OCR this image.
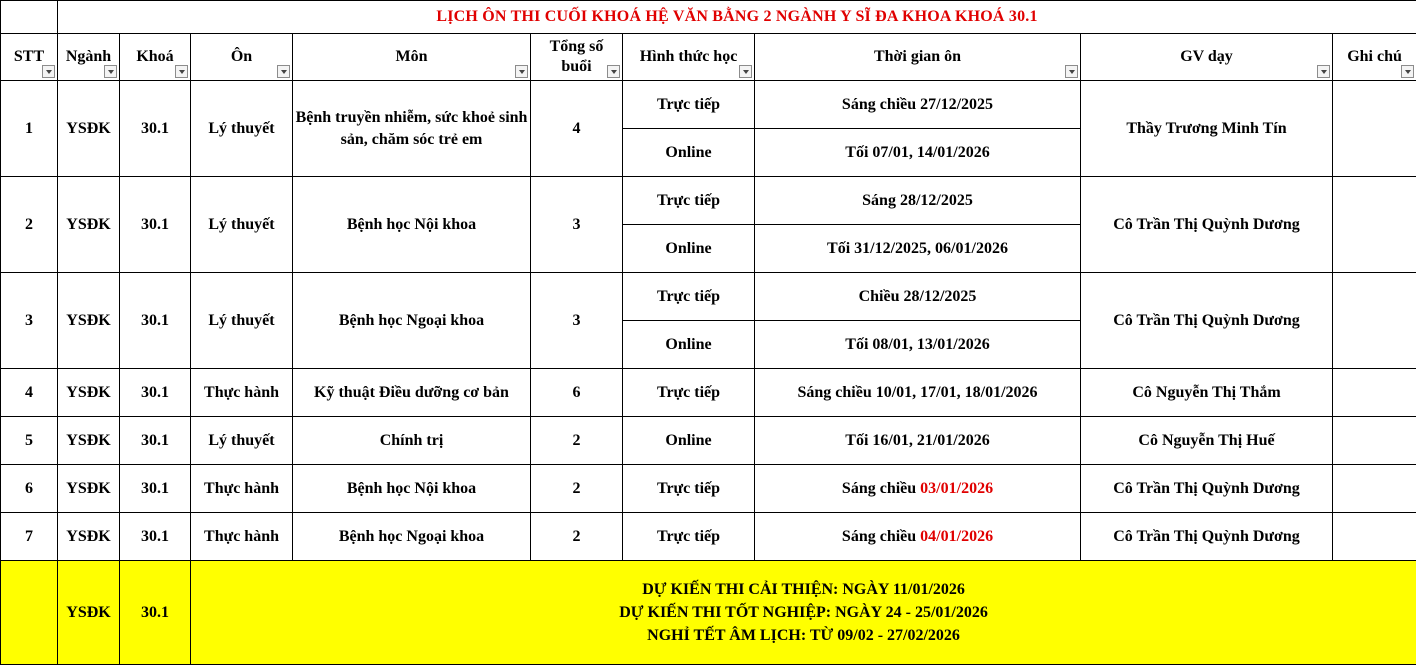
	LỊCH ÔN THI CUỐI KHOÁ HỆ VĂN BẰNG 2 NGÀNH Y SĨ ĐA KHOA KHOÁ 30.1								
STT	Ngành	Khoá	Ôn	Môn	Tổng số buổi	Hình thức học	Thời gian ôn	GV dạy	Ghi chú

1	YSĐK	30.1	Lý thuyết	Bệnh truyền nhiễm, sức khoẻ sinh sản, chăm sóc trẻ em	4	Trực tiếp	Sáng chiều 27/12/2025	Thầy Trương Minh Tín	
						Online	Tối 07/01, 14/01/2026		
2	YSĐK	30.1	Lý thuyết	Bệnh học Nội khoa	3	Trực tiếp	Sáng 28/12/2025	Cô Trần Thị Quỳnh Dương	
						Online	Tối 31/12/2025, 06/01/2026		
3	YSĐK	30.1	Lý thuyết	Bệnh học Ngoại khoa	3	Trực tiếp	Chiều 28/12/2025	Cô Trần Thị Quỳnh Dương	
						Online	Tối 08/01, 13/01/2026		
4	YSĐK	30.1	Thực hành	Kỹ thuật Điều dưỡng cơ bản	6	Trực tiếp	Sáng chiều 10/01, 17/01, 18/01/2026	Cô Nguyễn Thị Thắm	
5	YSĐK	30.1	Lý thuyết	Chính trị	2	Online	Tối 16/01, 21/01/2026	Cô Nguyễn Thị Huế	
6	YSĐK	30.1	Thực hành	Bệnh học Nội khoa	2	Trực tiếp	Sáng chiều 03/01/2026	Cô Trần Thị Quỳnh Dương	
7	YSĐK	30.1	Thực hành	Bệnh học Ngoại khoa	2	Trực tiếp	Sáng chiều 04/01/2026	Cô Trần Thị Quỳnh Dương	
	YSĐK	30.1	DỰ KIẾN THI CẢI THIỆN: NGÀY 11/01/2026
DỰ KIẾN THI TỐT NGHIỆP: NGÀY 24 - 25/01/2026
NGHỈ TẾT ÂM LỊCH: TỪ 09/02 - 27/02/2026						
